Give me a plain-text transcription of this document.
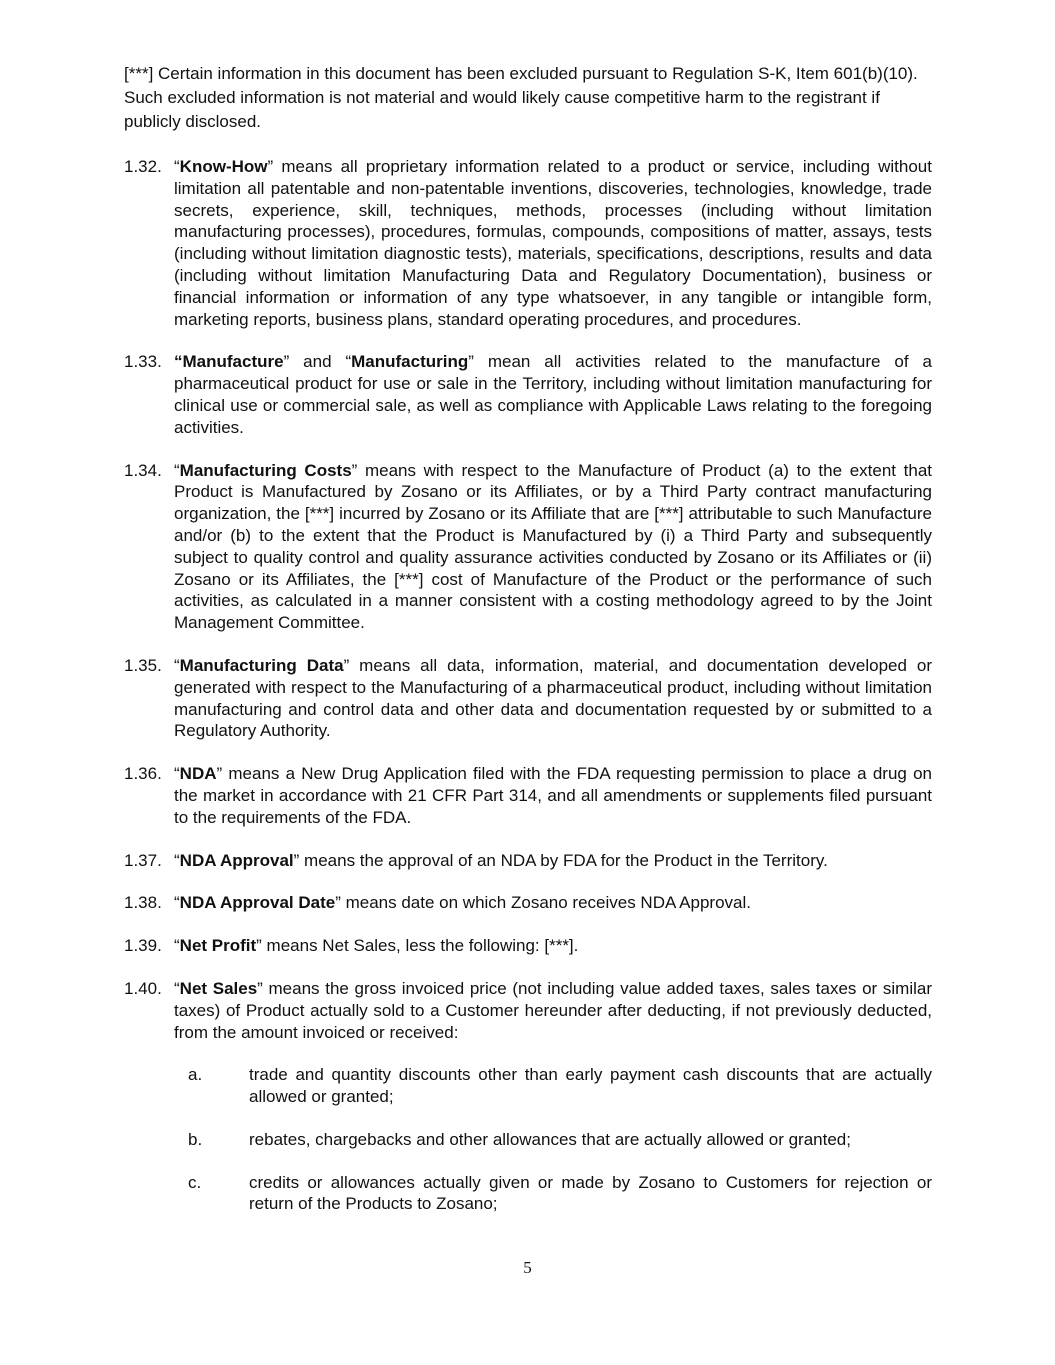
[***] Certain information in this document has been excluded pursuant to Regulation S-K, Item 601(b)(10). Such excluded information is not material and would likely cause competitive harm to the registrant if publicly disclosed.

1.32. “Know-How” means all proprietary information related to a product or service, including without limitation all patentable and non-patentable inventions, discoveries, technologies, knowledge, trade secrets, experience, skill, techniques, methods, processes (including without limitation manufacturing processes), procedures, formulas, compounds, compositions of matter, assays, tests (including without limitation diagnostic tests), materials, specifications, descriptions, results and data (including without limitation Manufacturing Data and Regulatory Documentation), business or financial information or information of any type whatsoever, in any tangible or intangible form, marketing reports, business plans, standard operating procedures, and procedures.
1.33. “Manufacture” and “Manufacturing” mean all activities related to the manufacture of a pharmaceutical product for use or sale in the Territory, including without limitation manufacturing for clinical use or commercial sale, as well as compliance with Applicable Laws relating to the foregoing activities.
1.34. “Manufacturing Costs” means with respect to the Manufacture of Product (a) to the extent that Product is Manufactured by Zosano or its Affiliates, or by a Third Party contract manufacturing organization, the [***] incurred by Zosano or its Affiliate that are [***] attributable to such Manufacture and/or (b) to the extent that the Product is Manufactured by (i) a Third Party and subsequently subject to quality control and quality assurance activities conducted by Zosano or its Affiliates or (ii) Zosano or its Affiliates, the [***] cost of Manufacture of the Product or the performance of such activities, as calculated in a manner consistent with a costing methodology agreed to by the Joint Management Committee.
1.35. “Manufacturing Data” means all data, information, material, and documentation developed or generated with respect to the Manufacturing of a pharmaceutical product, including without limitation manufacturing and control data and other data and documentation requested by or submitted to a Regulatory Authority.
1.36. “NDA” means a New Drug Application filed with the FDA requesting permission to place a drug on the market in accordance with 21 CFR Part 314, and all amendments or supplements filed pursuant to the requirements of the FDA.
1.37. “NDA Approval” means the approval of an NDA by FDA for the Product in the Territory.
1.38. “NDA Approval Date” means date on which Zosano receives NDA Approval.
1.39. “Net Profit” means Net Sales, less the following: [***].
1.40. “Net Sales” means the gross invoiced price (not including value added taxes, sales taxes or similar taxes) of Product actually sold to a Customer hereunder after deducting, if not previously deducted, from the amount invoiced or received:
a.	trade and quantity discounts other than early payment cash discounts that are actually allowed or granted;
b.	rebates, chargebacks and other allowances that are actually allowed or granted;
c.	credits or allowances actually given or made by Zosano to Customers for rejection or return of the Products to Zosano;
5
